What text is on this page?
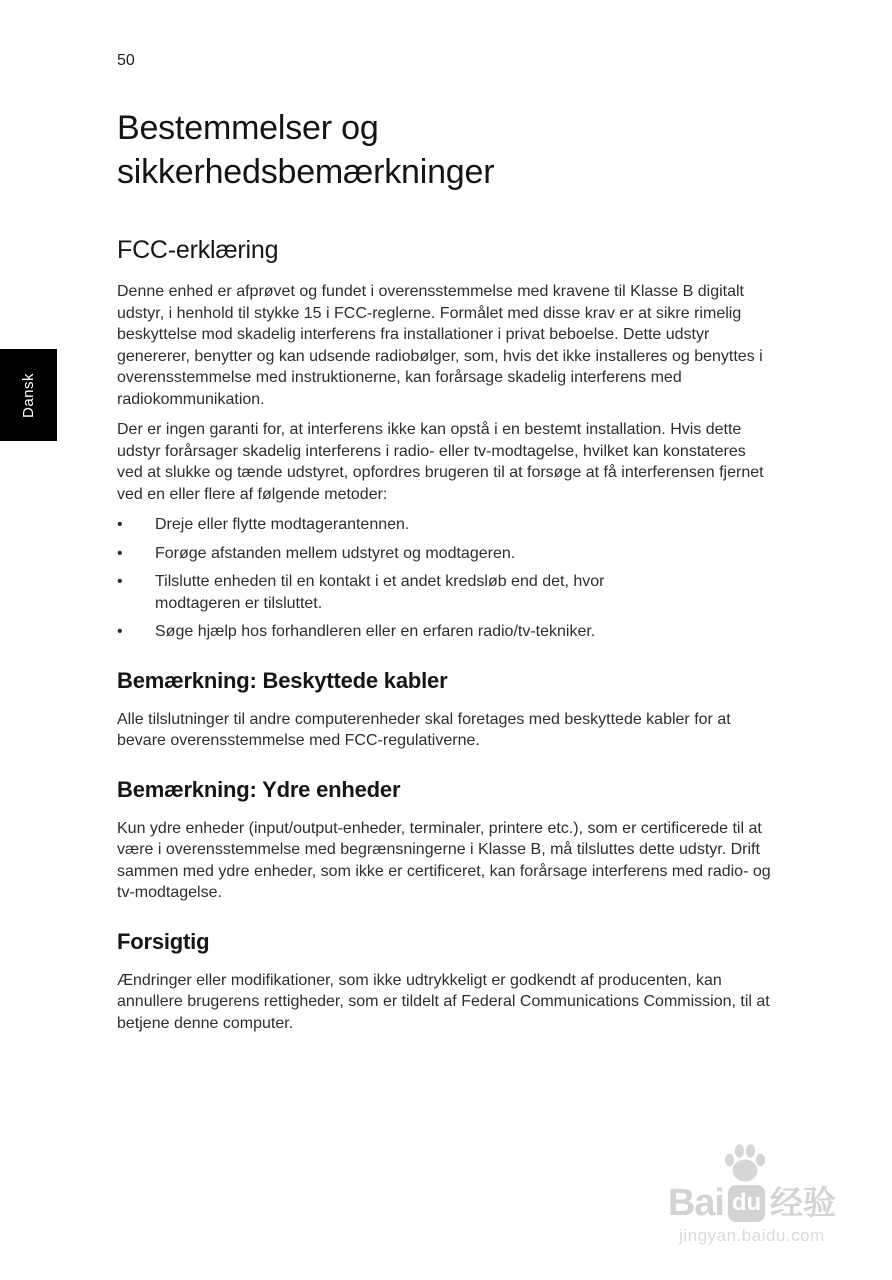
50
Dansk
Bestemmelser og
sikkerhedsbemærkninger
FCC-erklæring

Denne enhed er afprøvet og fundet i overensstemmelse med kravene til Klasse B digitalt udstyr, i henhold til stykke 15 i FCC-reglerne. Formålet med disse krav er at sikre rimelig beskyttelse mod skadelig interferens fra installationer i privat beboelse. Dette udstyr genererer, benytter og kan udsende radiobølger, som, hvis det ikke installeres og benyttes i overensstemmelse med instruktionerne, kan forårsage skadelig interferens med radiokommunikation.

Der er ingen garanti for, at interferens ikke kan opstå i en bestemt installation. Hvis dette udstyr forårsager skadelig interferens i radio- eller tv-modtagelse, hvilket kan konstateres ved at slukke og tænde udstyret, opfordres brugeren til at forsøge at få interferensen fjernet ved en eller flere af følgende metoder:

•	Dreje eller flytte modtagerantennen.
•	Forøge afstanden mellem udstyret og modtageren.
•	Tilslutte enheden til en kontakt i et andet kredsløb end det, hvor modtageren er tilsluttet.
•	Søge hjælp hos forhandleren eller en erfaren radio/tv-tekniker.
Bemærkning: Beskyttede kabler

Alle tilslutninger til andre computerenheder skal foretages med beskyttede kabler for at bevare overensstemmelse med FCC-regulativerne.

Bemærkning: Ydre enheder

Kun ydre enheder (input/output-enheder, terminaler, printere etc.), som er certificerede til at være i overensstemmelse med begrænsningerne i Klasse B, må tilsluttes dette udstyr. Drift sammen med ydre enheder, som ikke er certificeret, kan forårsage interferens med radio- og tv-modtagelse.

Forsigtig

Ændringer eller modifikationer, som ikke udtrykkeligt er godkendt af producenten, kan annullere brugerens rettigheder, som er tildelt af Federal Communications Commission, til at betjene denne computer.

Bai du 经验
jingyan.baidu.com
